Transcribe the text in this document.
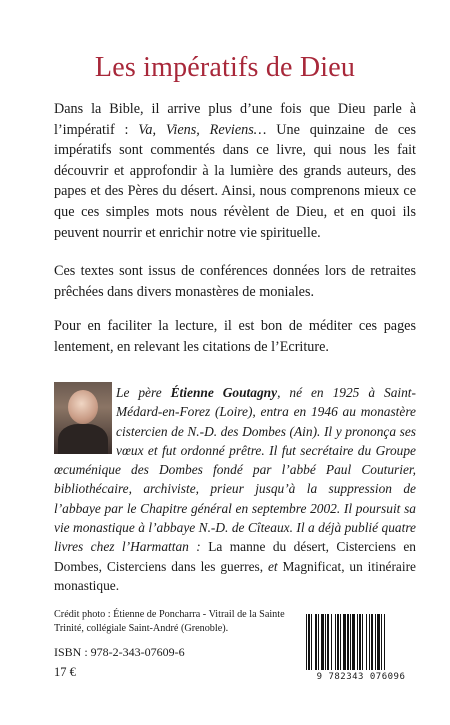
Les impératifs de Dieu

Dans la Bible, il arrive plus d’une fois que Dieu parle à l’impératif : Va, Viens, Reviens… Une quinzaine de ces impératifs sont commentés dans ce livre, qui nous les fait découvrir et approfondir à la lumière des grands auteurs, des papes et des Pères du désert. Ainsi, nous comprenons mieux ce que ces simples mots nous révèlent de Dieu, et en quoi ils peuvent nourrir et enrichir notre vie spirituelle.

Ces textes sont issus de conférences données lors de retraites prêchées dans divers monastères de moniales.

Pour en faciliter la lecture, il est bon de méditer ces pages lentement, en relevant les citations de l’Ecriture.

Le père Étienne Goutagny, né en 1925 à Saint-Médard-en-Forez (Loire), entra en 1946 au monastère cistercien de N.-D. des Dombes (Ain). Il y prononça ses vœux et fut ordonné prêtre. Il fut secrétaire du Groupe œcuménique des Dombes fondé par l’abbé Paul Couturier, bibliothécaire, archiviste, prieur jusqu’à la suppression de l’abbaye par le Chapitre général en septembre 2002. Il poursuit sa vie monastique à l’abbaye N.-D. de Cîteaux. Il a déjà publié quatre livres chez l’Harmattan : La manne du désert, Cisterciens en Dombes, Cisterciens dans les guerres, et Magnificat, un itinéraire monastique.

Crédit photo : Étienne de Poncharra - Vitrail de la Sainte Trinité, collégiale Saint-André (Grenoble).

ISBN : 978-2-343-07609-6
17 €	9 782343 076096
